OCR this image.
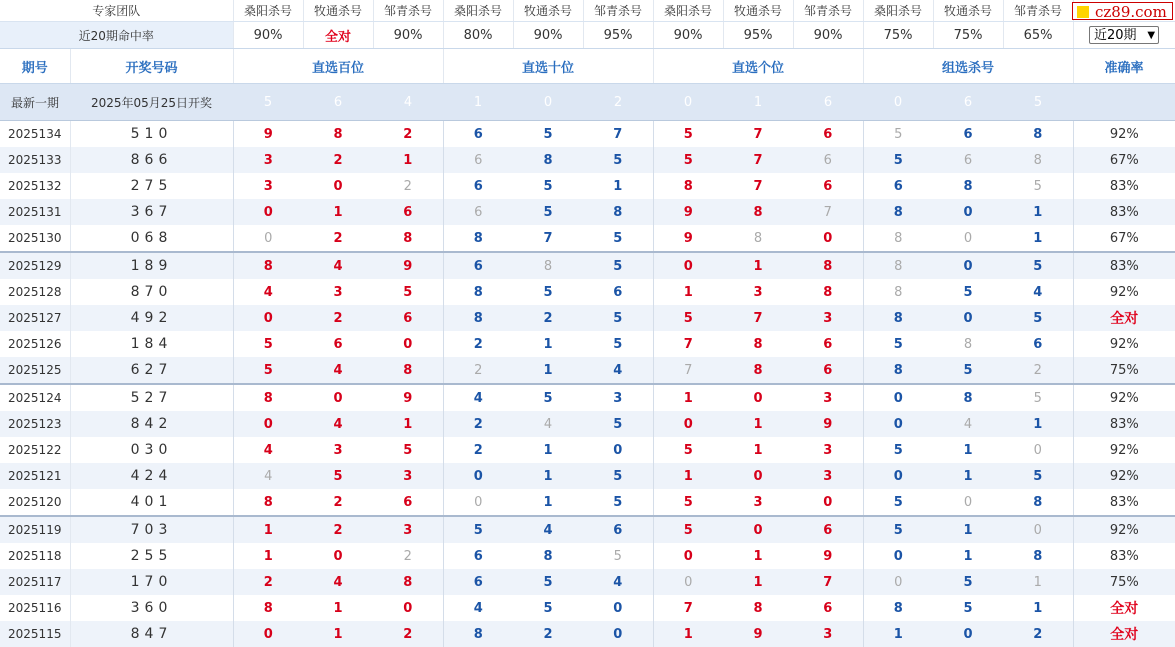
cz89.com
专家团队		桑阳杀号	牧通杀号	邹青杀号	桑阳杀号	牧通杀号	邹青杀号	桑阳杀号	牧通杀号	邹青杀号	桑阳杀号	牧通杀号	邹青杀号	
近20期命中率		90%	全对	90%	80%	90%	95%	90%	95%	90%	75%	75%	65%	近20期 ▼

期号	开奖号码	直选百位			直选十位			直选个位			组选杀号			准确率
最新一期	2025年05月25日开奖	5	6	4	1	0	2	0	1	6	0	6	5	
2025134	510	9	8	2	6	5	7	5	7	6	5	6	8	92%
2025133	866	3	2	1	6	8	5	5	7	6	5	6	8	67%
2025132	275	3	0	2	6	5	1	8	7	6	6	8	5	83%
2025131	367	0	1	6	6	5	8	9	8	7	8	0	1	83%
2025130	068	0	2	8	8	7	5	9	8	0	8	0	1	67%
2025129	189	8	4	9	6	8	5	0	1	8	8	0	5	83%
2025128	870	4	3	5	8	5	6	1	3	8	8	5	4	92%
2025127	492	0	2	6	8	2	5	5	7	3	8	0	5	全对
2025126	184	5	6	0	2	1	5	7	8	6	5	8	6	92%
2025125	627	5	4	8	2	1	4	7	8	6	8	5	2	75%
2025124	527	8	0	9	4	5	3	1	0	3	0	8	5	92%
2025123	842	0	4	1	2	4	5	0	1	9	0	4	1	83%
2025122	030	4	3	5	2	1	0	5	1	3	5	1	0	92%
2025121	424	4	5	3	0	1	5	1	0	3	0	1	5	92%
2025120	401	8	2	6	0	1	5	5	3	0	5	0	8	83%
2025119	703	1	2	3	5	4	6	5	0	6	5	1	0	92%
2025118	255	1	0	2	6	8	5	0	1	9	0	1	8	83%
2025117	170	2	4	8	6	5	4	0	1	7	0	5	1	75%
2025116	360	8	1	0	4	5	0	7	8	6	8	5	1	全对
2025115	847	0	1	2	8	2	0	1	9	3	1	0	2	全对
